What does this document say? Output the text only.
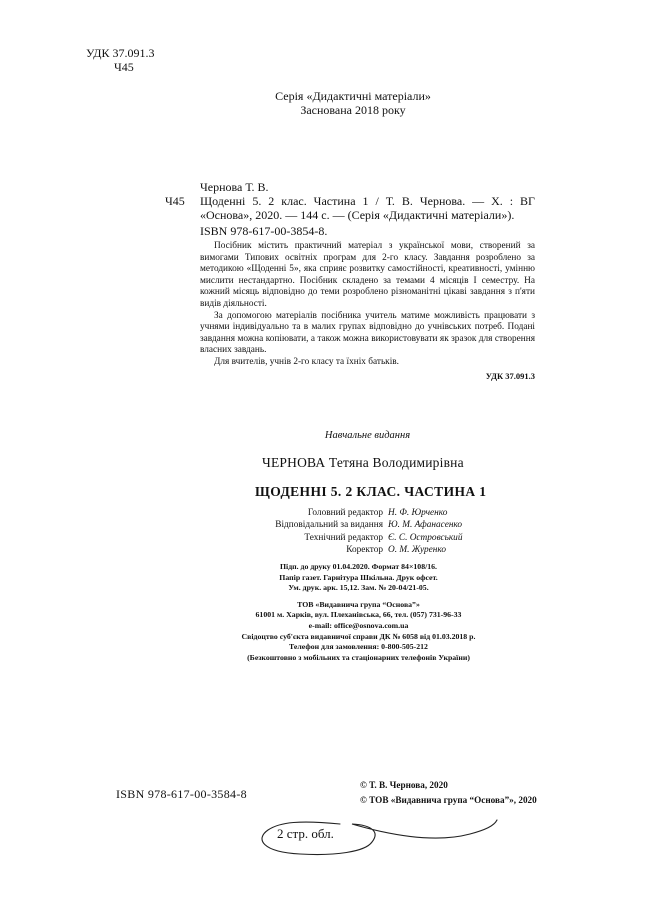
УДК 37.091.3
Ч45
Серія «Дидактичні матеріали»
Заснована 2018 року
Чернова Т. В.
Ч45 Щоденні 5. 2 клас. Частина 1 / Т. В. Чернова. — Х. : ВГ «Основа», 2020. — 144 с. — (Серія «Дидактичні матеріали»).
ISBN 978-617-00-3854-8.

Посібник містить практичний матеріал з української мови, створений за вимогами Типових освітніх програм для 2-го класу. Завдання розроблено за методикою «Щоденні 5», яка сприяє розвитку самостійності, креативності, умінню мислити нестандартно. Посібник складено за темами 4 місяців І семестру. На кожний місяць відповідно до теми розроблено різноманітні цікаві завдання з п'яти видів діяльності.

За допомогою матеріалів посібника учитель матиме можливість працювати з учнями індивідуально та в малих групах відповідно до учнівських потреб. Подані завдання можна копіювати, а також можна використовувати як зразок для створення власних завдань.

Для вчителів, учнів 2-го класу та їхніх батьків.

УДК 37.091.3

Навчальне видання
ЧЕРНОВА Тетяна Володимирівна
ЩОДЕННІ 5. 2 КЛАС. ЧАСТИНА 1
Головний редактор Н. Ф. Юрченко
Відповідальний за видання Ю. М. Афанасенко
Технічний редактор Є. С. Островський
Коректор О. М. Журенко
Підп. до друку 01.04.2020. Формат 84×108/16.
Папір газет. Гарнітура Шкільна. Друк офсет.
Ум. друк. арк. 15,12. Зам. № 20-04/21-05.
ТОВ «Видавнича група “Основа”»
61001 м. Харків, вул. Плеханівська, 66, тел. (057) 731-96-33
e-mail: office@osnova.com.ua
Свідоцтво суб'єкта видавничої справи ДК № 6058 від 01.03.2018 р.
Телефон для замовлення: 0-800-505-212
(Безкоштовно з мобільних та стаціонарних телефонів України)
ISBN 978-617-00-3584-8
© Т. В. Чернова, 2020
© ТОВ «Видавнича група “Основа”», 2020
2 стр. обл.
